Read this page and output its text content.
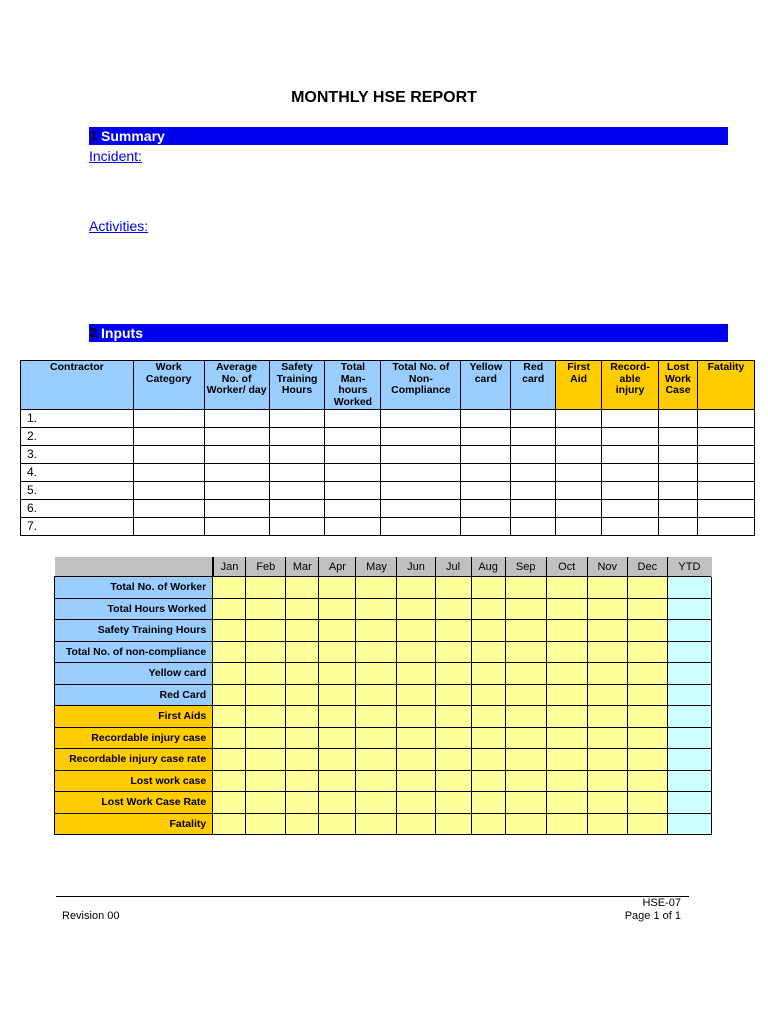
MONTHLY HSE REPORT
1 Summary
Incident:
Activities:
2 Inputs
Contractor	Work Category	Average No. of Worker/ day	Safety Training Hours	Total Man-hours Worked	Total No. of Non-Compliance	Yellow card	Red card	First Aid	Record-able injury	Lost Work Case	Fatality
1.											
2.											
3.											
4.											
5.											
6.											
7.											
	Jan	Feb	Mar	Apr	May	Jun	Jul	Aug	Sep	Oct	Nov	Dec	YTD
Total No. of Worker													
Total Hours Worked													
Safety Training Hours													
Total No. of non-compliance													
Yellow card													
Red Card													
First Aids													
Recordable injury case													
Recordable injury case rate													
Lost work case													
Lost Work Case Rate													
Fatality													
Revision 00
HSE-07
Page 1 of 1
